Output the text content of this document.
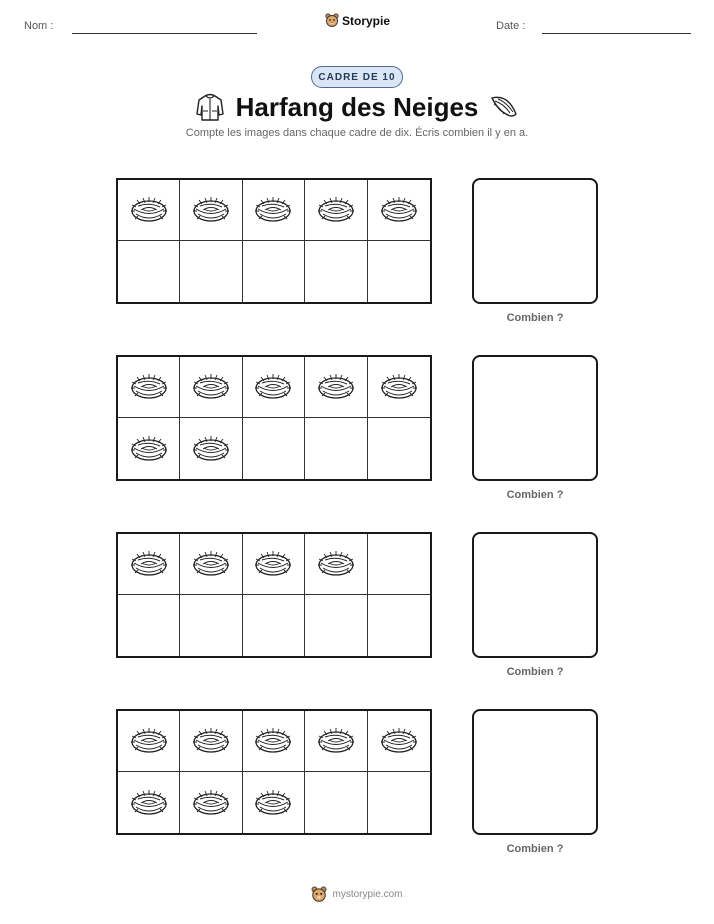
Nom :	Storypie	Date :
CADRE DE 10
Harfang des Neiges
Compte les images dans chaque cadre de dix. Écris combien il y en a.
Combien ?
Combien ?
Combien ?
Combien ?
mystorypie.com
